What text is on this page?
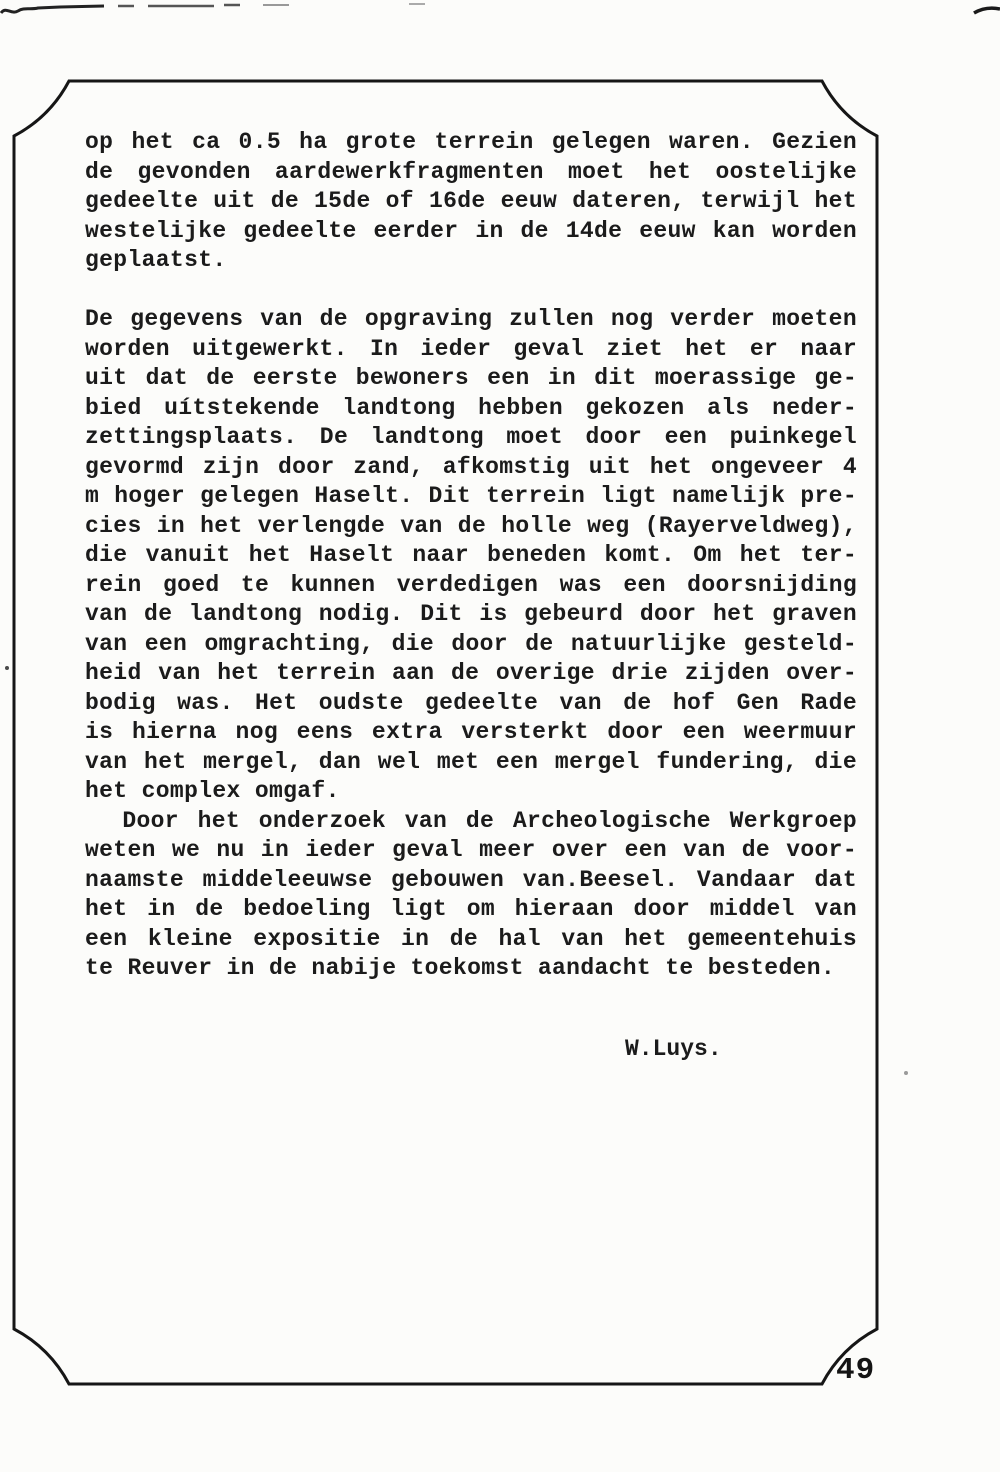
op het ca 0.5 ha grote terrein gelegen waren. Gezien
de gevonden aardewerkfragmenten moet het oostelijke
gedeelte uit de 15de of 16de eeuw dateren, terwijl het
westelijke gedeelte eerder in de 14de eeuw kan worden
geplaatst.
De gegevens van de opgraving zullen nog verder moeten
worden uitgewerkt. In ieder geval ziet het er naar
uit dat de eerste bewoners een in dit moerassige ge-
bied uítstekende landtong hebben gekozen als neder-
zettingsplaats. De landtong moet door een puinkegel
gevormd zijn door zand, afkomstig uit het ongeveer 4
m hoger gelegen Haselt. Dit terrein ligt namelijk pre-
cies in het verlengde van de holle weg (Rayerveldweg),
die vanuit het Haselt naar beneden komt. Om het ter-
rein goed te kunnen verdedigen was een doorsnijding
van de landtong nodig. Dit is gebeurd door het graven
van een omgrachting, die door de natuurlijke gesteld-
heid van het terrein aan de overige drie zijden over-
bodig was. Het oudste gedeelte van de hof Gen Rade
is hierna nog eens extra versterkt door een weermuur
van het mergel, dan wel met een mergel fundering, die
het complex omgaf.
Door het onderzoek van de Archeologische Werkgroep
weten we nu in ieder geval meer over een van de voor-
naamste middeleeuwse gebouwen van.Beesel. Vandaar dat
het in de bedoeling ligt om hieraan door middel van
een kleine expositie in de hal van het gemeentehuis
te Reuver in de nabije toekomst aandacht te besteden.
W.Luys.
49
